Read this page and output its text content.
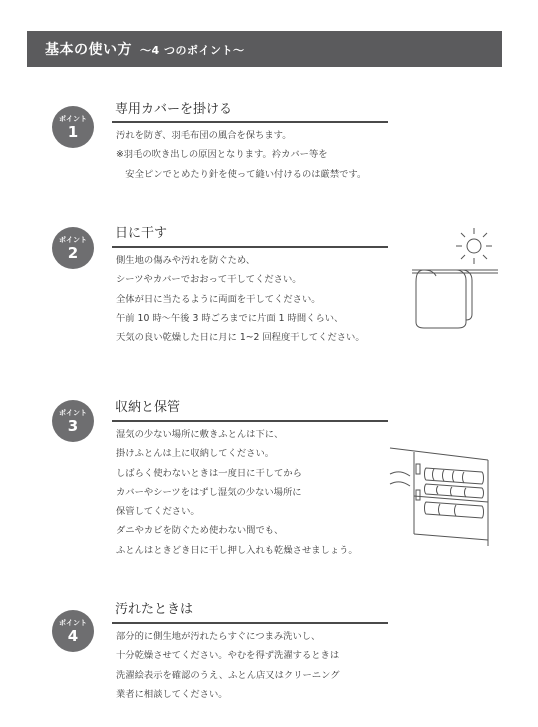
基本の使い方 ～4 つのポイント～
ポイント
1
専用カバーを掛ける
汚れを防ぎ、羽毛布団の風合を保ちます。
※羽毛の吹き出しの原因となります。衿カバー等を
　安全ピンでとめたり針を使って縫い付けるのは厳禁です。
ポイント
2
日に干す
側生地の傷みや汚れを防ぐため、
シーツやカバーでおおって干してください。
全体が日に当たるように両面を干してください。
午前 10 時～午後 3 時ごろまでに片面 1 時間くらい、
天気の良い乾燥した日に月に 1~2 回程度干してください。
ポイント
3
収納と保管
湿気の少ない場所に敷きふとんは下に、
掛けふとんは上に収納してください。
しばらく使わないときは一度日に干してから
カバーやシーツをはずし湿気の少ない場所に
保管してください。
ダニやカビを防ぐため使わない間でも、
ふとんはときどき日に干し押し入れも乾燥させましょう。
ポイント
4
汚れたときは
部分的に側生地が汚れたらすぐにつまみ洗いし、
十分乾燥させてください。やむを得ず洗濯するときは
洗濯絵表示を確認のうえ、ふとん店又はクリーニング
業者に相談してください。
